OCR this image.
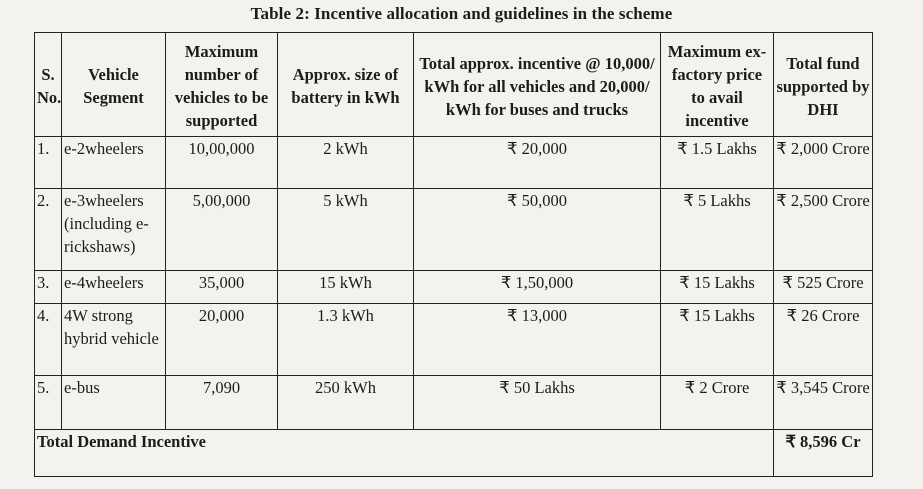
Table 2: Incentive allocation and guidelines in the scheme
S. No.	Vehicle Segment	Maximum number of vehicles to be supported	Approx. size of battery in kWh	Total approx. incentive @ 10,000/ kWh for all vehicles and 20,000/ kWh for buses and trucks	Maximum ex-factory price to avail incentive	Total fund supported by DHI
1.	e-2wheelers	10,00,000	2 kWh	₹ 20,000	₹ 1.5 Lakhs	₹ 2,000 Crore
2.	e-3wheelers (including e- rickshaws)	5,00,000	5 kWh	₹ 50,000	₹ 5 Lakhs	₹ 2,500 Crore
3.	e-4wheelers	35,000	15 kWh	₹ 1,50,000	₹ 15 Lakhs	₹ 525 Crore
4.	4W strong hybrid vehicle	20,000	1.3 kWh	₹ 13,000	₹ 15 Lakhs	₹ 26 Crore
5.	e-bus	7,090	250 kWh	₹ 50 Lakhs	₹ 2 Crore	₹ 3,545 Crore
Total Demand Incentive						₹ 8,596 Cr
